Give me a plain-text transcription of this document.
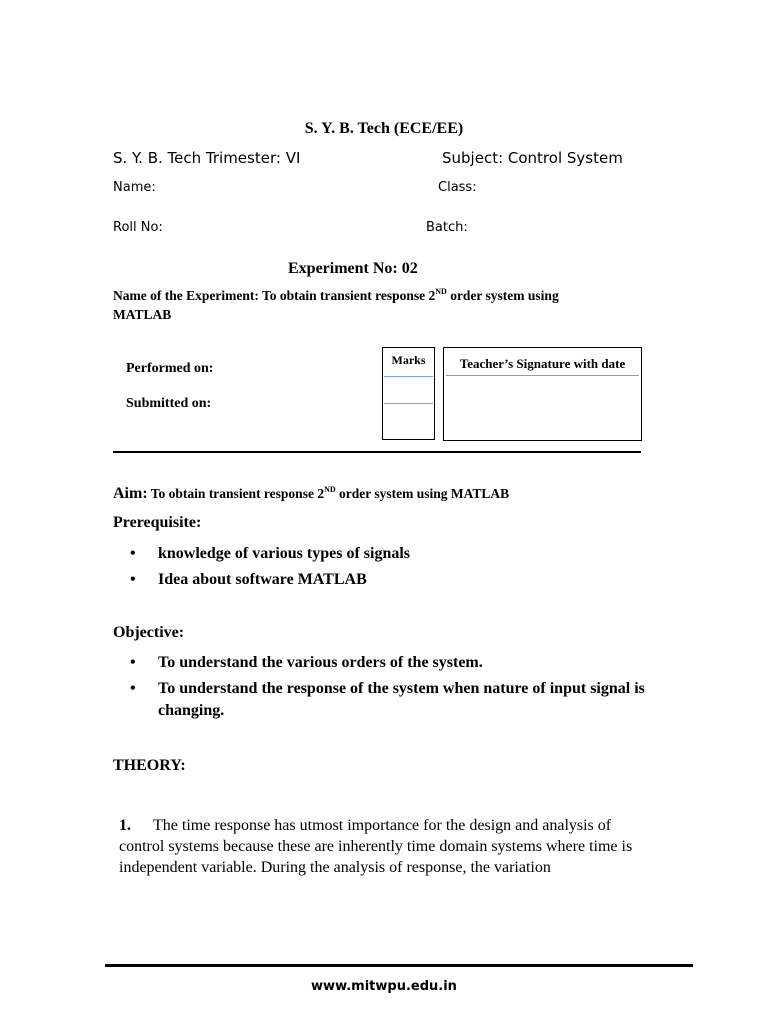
S. Y. B. Tech (ECE/EE)
S. Y. B. Tech Trimester: VI	Subject: Control System
Name:	Class:
Roll No:	Batch:
Experiment No: 02
Name of the Experiment: To obtain transient response 2ND order system using
MATLAB
Performed on:
Submitted on:
Marks	Teacher’s Signature with date
Aim: To obtain transient response 2ND order system using MATLAB
Prerequisite:
• knowledge of various types of signals
• Idea about software MATLAB
Objective:
• To understand the various orders of the system.
• To understand the response of the system when nature of input signal is changing.
THEORY:
1. The time response has utmost importance for the design and analysis of control systems because these are inherently time domain systems where time is independent variable. During the analysis of response, the variation
www.mitwpu.edu.in
